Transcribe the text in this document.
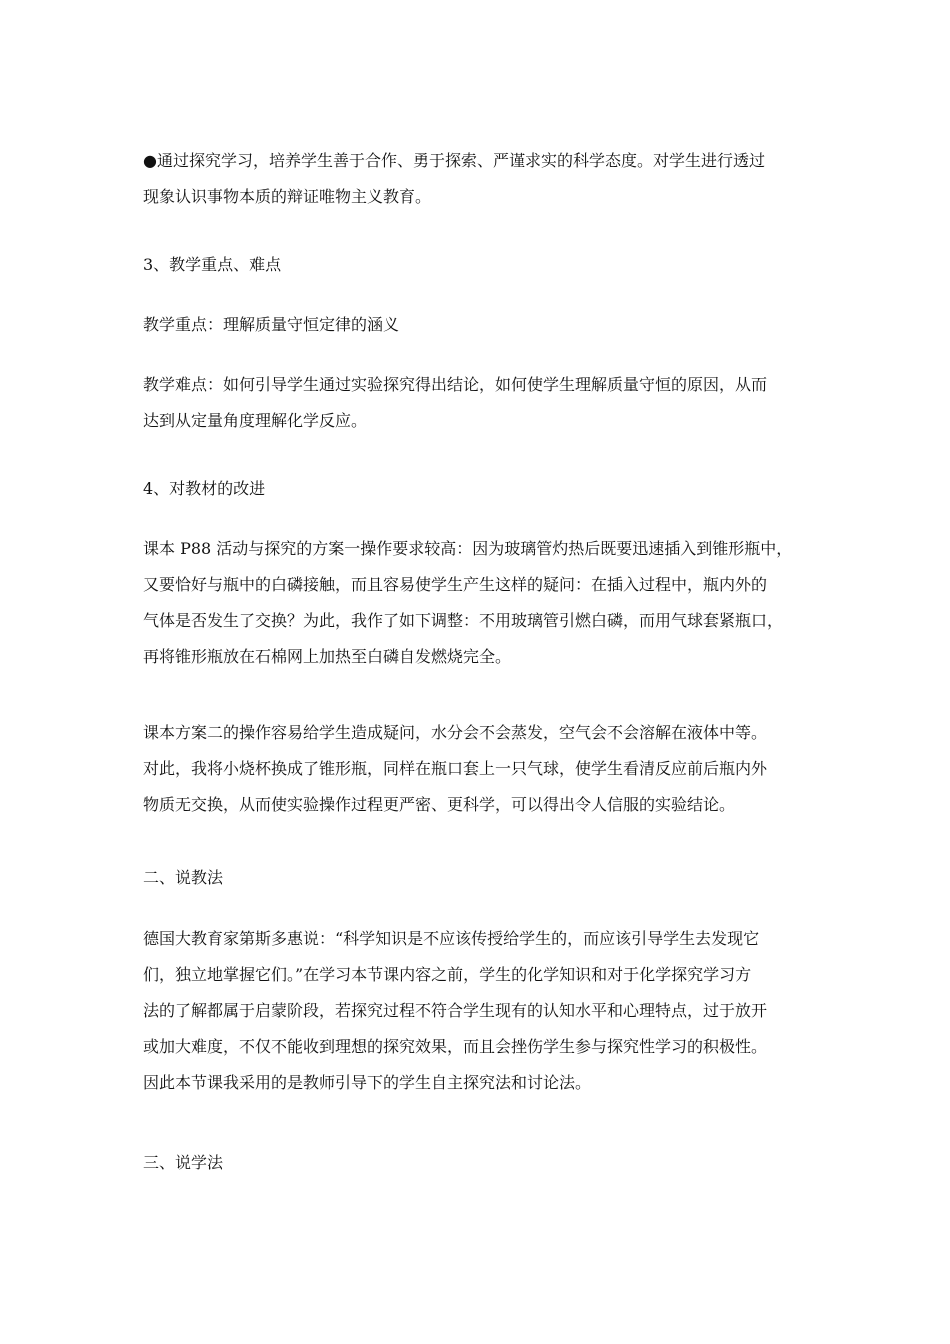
●通过探究学习，培养学生善于合作、勇于探索、严谨求实的科学态度。对学生进行透过
现象认识事物本质的辩证唯物主义教育。
3、教学重点、难点
教学重点：理解质量守恒定律的涵义
教学难点：如何引导学生通过实验探究得出结论，如何使学生理解质量守恒的原因，从而
达到从定量角度理解化学反应。
4、对教材的改进
课本 P88 活动与探究的方案一操作要求较高：因为玻璃管灼热后既要迅速插入到锥形瓶中，
又要恰好与瓶中的白磷接触，而且容易使学生产生这样的疑问：在插入过程中，瓶内外的
气体是否发生了交换？为此，我作了如下调整：不用玻璃管引燃白磷，而用气球套紧瓶口，
再将锥形瓶放在石棉网上加热至白磷自发燃烧完全。
课本方案二的操作容易给学生造成疑问，水分会不会蒸发，空气会不会溶解在液体中等。
对此，我将小烧杯换成了锥形瓶，同样在瓶口套上一只气球，使学生看清反应前后瓶内外
物质无交换，从而使实验操作过程更严密、更科学，可以得出令人信服的实验结论。
二、说教法
德国大教育家第斯多惠说：“科学知识是不应该传授给学生的，而应该引导学生去发现它
们，独立地掌握它们。”在学习本节课内容之前，学生的化学知识和对于化学探究学习方
法的了解都属于启蒙阶段，若探究过程不符合学生现有的认知水平和心理特点，过于放开
或加大难度，不仅不能收到理想的探究效果，而且会挫伤学生参与探究性学习的积极性。
因此本节课我采用的是教师引导下的学生自主探究法和讨论法。
三、说学法
